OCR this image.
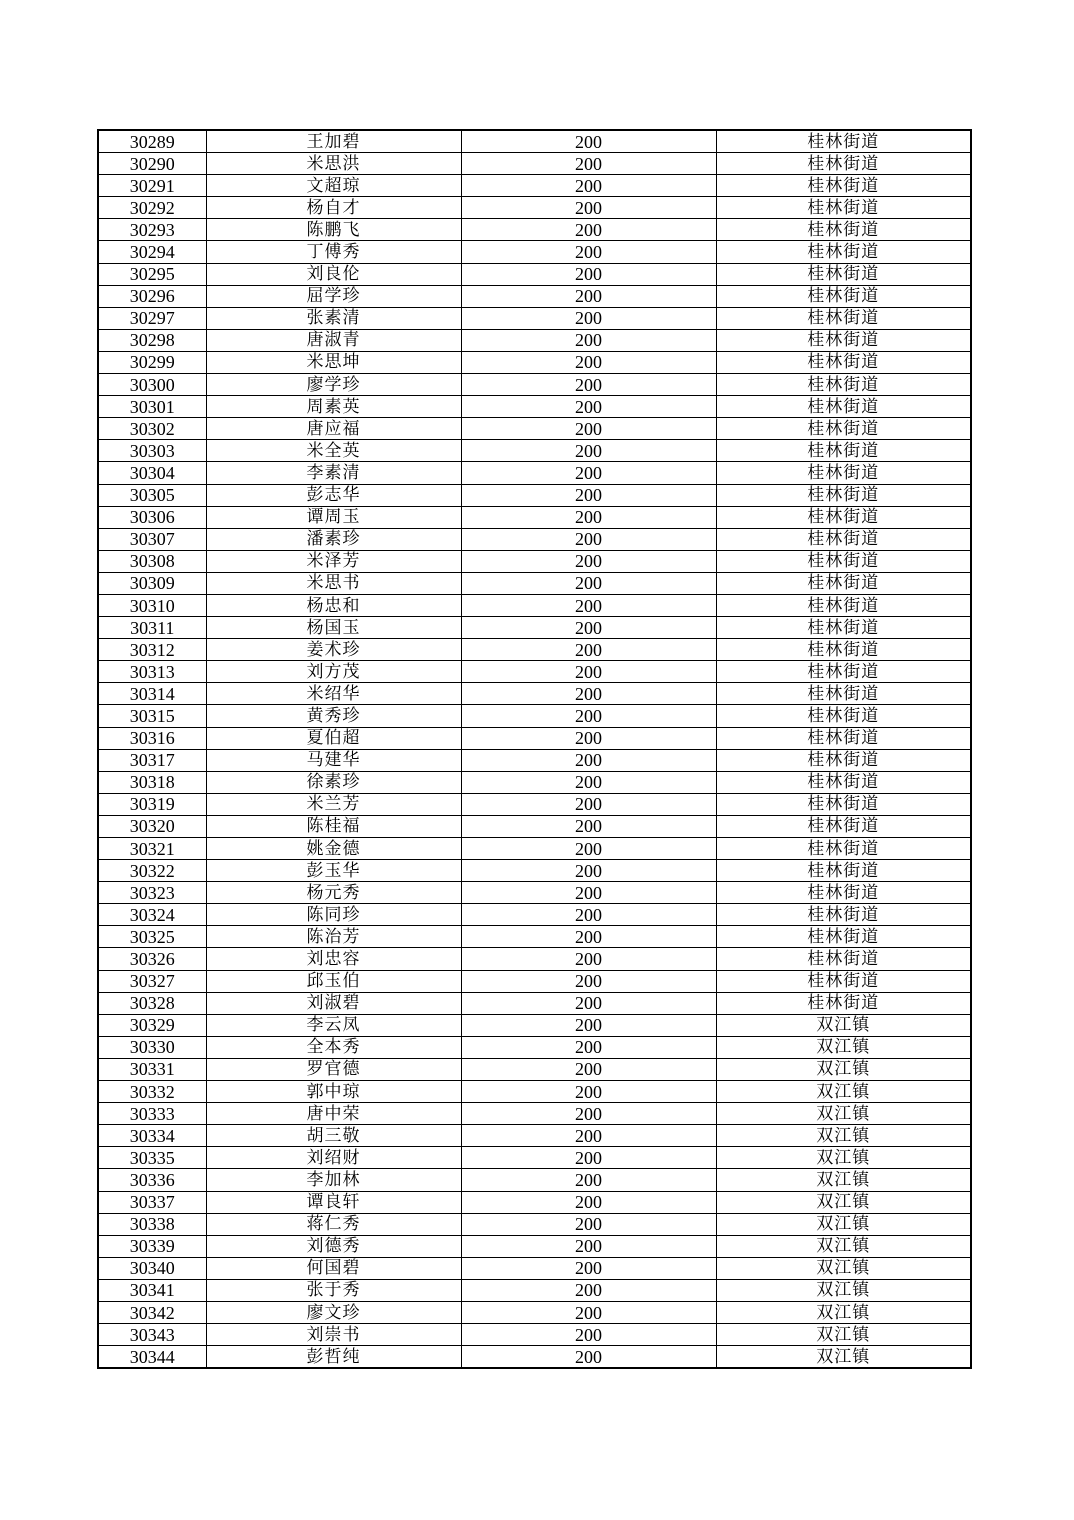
30289	王加碧	200	桂林街道
30290	米思洪	200	桂林街道
30291	文超琼	200	桂林街道
30292	杨自才	200	桂林街道
30293	陈鹏飞	200	桂林街道
30294	丁傅秀	200	桂林街道
30295	刘良伦	200	桂林街道
30296	屈学珍	200	桂林街道
30297	张素清	200	桂林街道
30298	唐淑青	200	桂林街道
30299	米思坤	200	桂林街道
30300	廖学珍	200	桂林街道
30301	周素英	200	桂林街道
30302	唐应福	200	桂林街道
30303	米全英	200	桂林街道
30304	李素清	200	桂林街道
30305	彭志华	200	桂林街道
30306	谭周玉	200	桂林街道
30307	潘素珍	200	桂林街道
30308	米泽芳	200	桂林街道
30309	米思书	200	桂林街道
30310	杨忠和	200	桂林街道
30311	杨国玉	200	桂林街道
30312	姜术珍	200	桂林街道
30313	刘方茂	200	桂林街道
30314	米绍华	200	桂林街道
30315	黄秀珍	200	桂林街道
30316	夏伯超	200	桂林街道
30317	马建华	200	桂林街道
30318	徐素珍	200	桂林街道
30319	米兰芳	200	桂林街道
30320	陈桂福	200	桂林街道
30321	姚金德	200	桂林街道
30322	彭玉华	200	桂林街道
30323	杨元秀	200	桂林街道
30324	陈同珍	200	桂林街道
30325	陈治芳	200	桂林街道
30326	刘忠容	200	桂林街道
30327	邱玉伯	200	桂林街道
30328	刘淑碧	200	桂林街道
30329	李云凤	200	双江镇
30330	全本秀	200	双江镇
30331	罗官德	200	双江镇
30332	郭中琼	200	双江镇
30333	唐中荣	200	双江镇
30334	胡三敬	200	双江镇
30335	刘绍财	200	双江镇
30336	李加林	200	双江镇
30337	谭良轩	200	双江镇
30338	蒋仁秀	200	双江镇
30339	刘德秀	200	双江镇
30340	何国碧	200	双江镇
30341	张于秀	200	双江镇
30342	廖文珍	200	双江镇
30343	刘崇书	200	双江镇
30344	彭哲纯	200	双江镇
